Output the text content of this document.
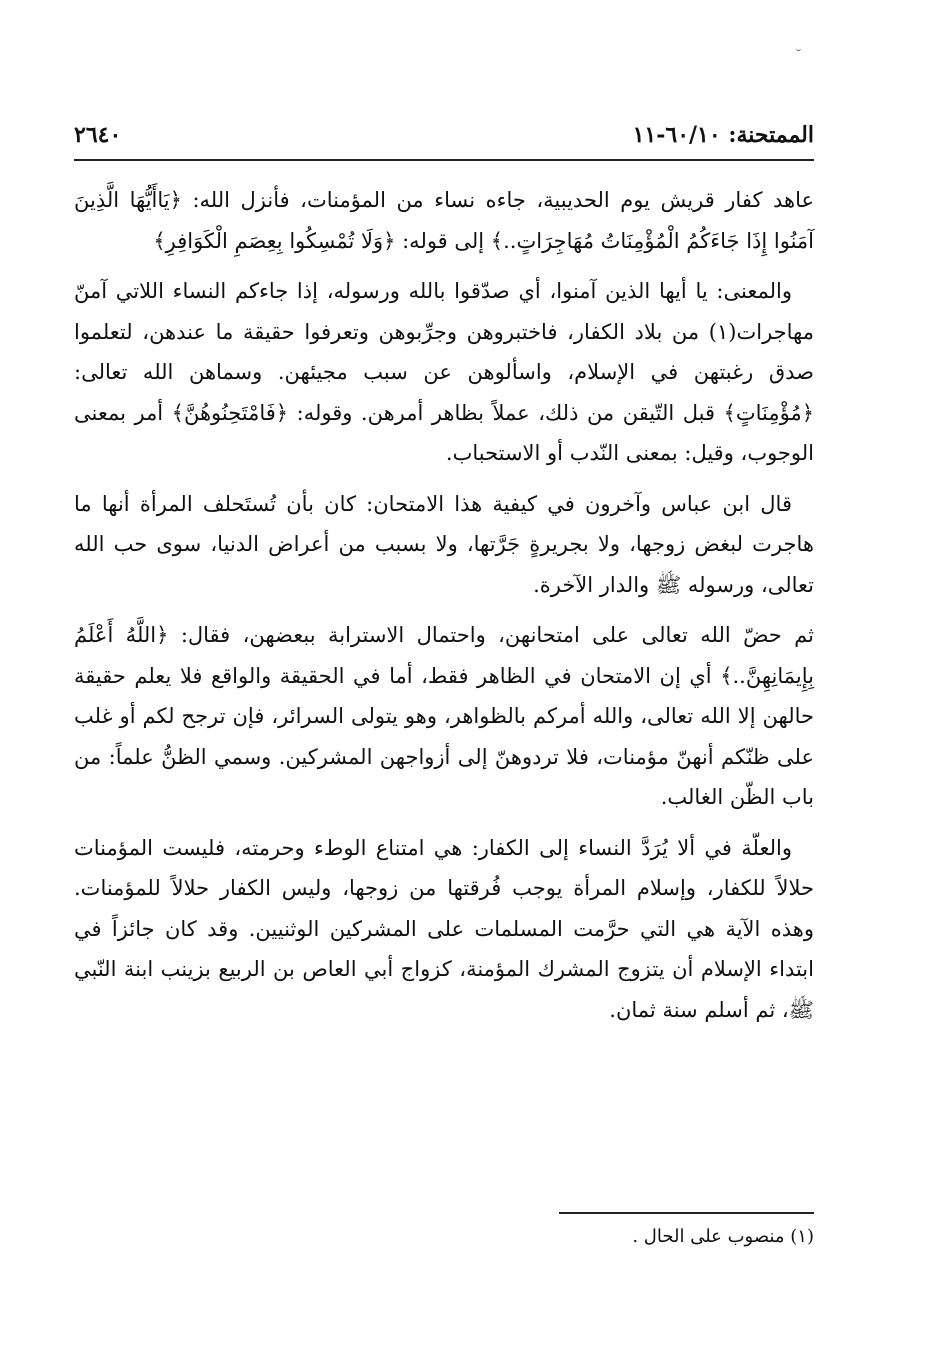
˘
الممتحنة: ٦٠/١٠-١١
٢٦٤٠

عاهد كفار قريش يوم الحديبية، جاءه نساء من المؤمنات، فأنزل الله: ﴿يَاأَيُّهَا الَّذِينَ آمَنُوا إِذَا جَاءَكُمُ الْمُؤْمِنَاتُ مُهَاجِرَاتٍ..﴾ إلى قوله: ﴿وَلَا تُمْسِكُوا بِعِصَمِ الْكَوَافِرِ﴾

والمعنى: يا أيها الذين آمنوا، أي صدّقوا بالله ورسوله، إذا جاءكم النساء اللاتي آمنّ مهاجرات(١) من بلاد الكفار، فاختبروهن وجرِّبوهن وتعرفوا حقيقة ما عندهن، لتعلموا صدق رغبتهن في الإسلام، واسألوهن عن سبب مجيئهن. وسماهن الله تعالى: ﴿مُؤْمِنَاتٍ﴾ قبل التّيقن من ذلك، عملاً بظاهر أمرهن. وقوله: ﴿فَامْتَحِنُوهُنَّ﴾ أمر بمعنى الوجوب، وقيل: بمعنى النّدب أو الاستحباب.

قال ابن عباس وآخرون في كيفية هذا الامتحان: كان بأن تُستَحلف المرأة أنها ما هاجرت لبغض زوجها، ولا بجريرةٍ جَرَّتها، ولا بسبب من أعراض الدنيا، سوى حب الله تعالى، ورسوله ﷺ والدار الآخرة.

ثم حضّ الله تعالى على امتحانهن، واحتمال الاسترابة ببعضهن، فقال: ﴿اللَّهُ أَعْلَمُ بِإِيمَانِهِنَّ..﴾ أي إن الامتحان في الظاهر فقط، أما في الحقيقة والواقع فلا يعلم حقيقة حالهن إلا الله تعالى، والله أمركم بالظواهر، وهو يتولى السرائر، فإن ترجح لكم أو غلب على ظنّكم أنهنّ مؤمنات، فلا تردوهنّ إلى أزواجهن المشركين. وسمي الظنُّ علماً: من باب الظّن الغالب.

والعلّة في ألا يُرَدَّ النساء إلى الكفار: هي امتناع الوطء وحرمته، فليست المؤمنات حلالاً للكفار، وإسلام المرأة يوجب فُرقتها من زوجها، وليس الكفار حلالاً للمؤمنات. وهذه الآية هي التي حرَّمت المسلمات على المشركين الوثنيين. وقد كان جائزاً في ابتداء الإسلام أن يتزوج المشرك المؤمنة، كزواج أبي العاص بن الربيع بزينب ابنة النّبي ﷺ، ثم أسلم سنة ثمان.

(١) منصوب على الحال .
